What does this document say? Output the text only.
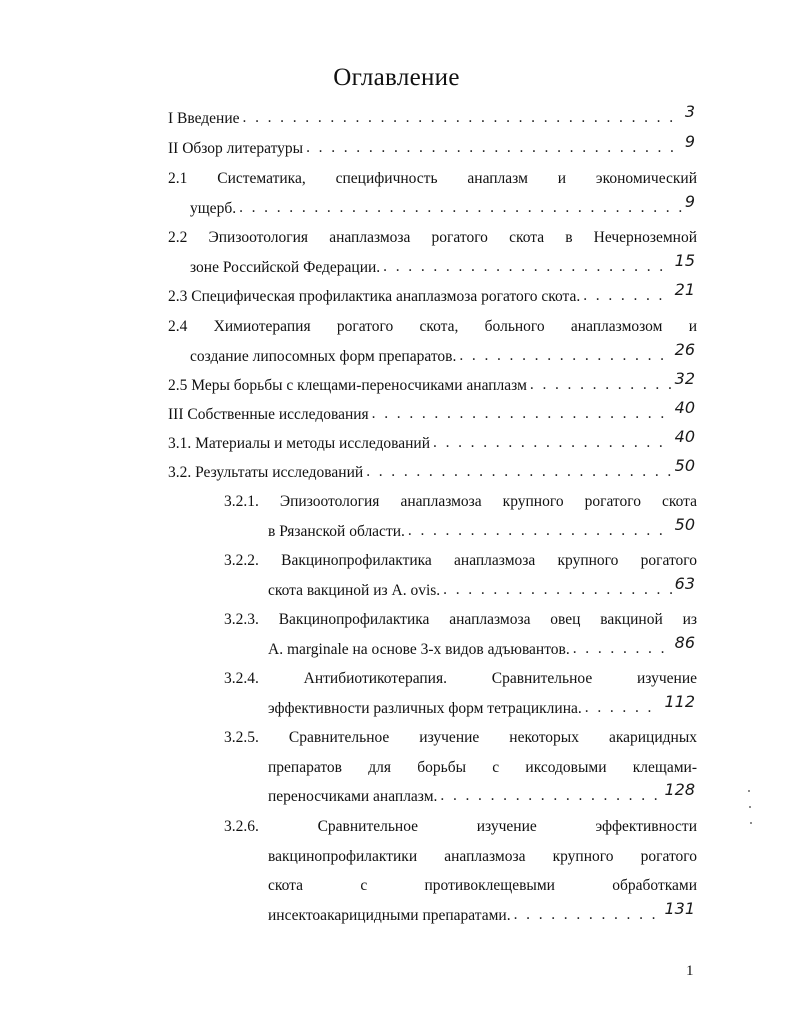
Оглавление
I Введение . . .	3
II Обзор литературы . . .	9
2.1 Систематика, специфичность анаплазм и экономический
ущерб. . . .	9
2.2 Эпизоотология анаплазмоза рогатого скота в Нечерноземной
зоне Российской Федерации. . . .	15
2.3 Специфическая профилактика анаплазмоза рогатого скота. . . .	21
2.4 Химиотерапия рогатого скота, больного анаплазмозом и
создание липосомных форм препаратов. . . .	26
2.5 Меры борьбы с клещами-переносчиками анаплазм . . .	32
III Собственные исследования . . .	40
3.1. Материалы и методы исследований . . .	40
3.2. Результаты исследований . . .	50
3.2.1. Эпизоотология анаплазмоза крупного рогатого скота
в Рязанской области. . . .	50
3.2.2. Вакцинопрофилактика анаплазмоза крупного рогатого
скота вакциной из A. ovis. . . .	63
3.2.3. Вакцинопрофилактика анаплазмоза овец вакциной из
A. marginale на основе 3-х видов адъювантов. . . .	86
3.2.4. Антибиотикотерапия. Сравнительное изучение
эффективности различных форм тетрациклина. . . .	112
3.2.5. Сравнительное изучение некоторых акарицидных
препаратов для борьбы с иксодовыми клещами-
переносчиками анаплазм. . . .	128
3.2.6. Сравнительное изучение эффективности
вакцинопрофилактики анаплазмоза крупного рогатого
скота с противоклещевыми обработками
инсектоакарицидными препаратами. . . .	131
1
